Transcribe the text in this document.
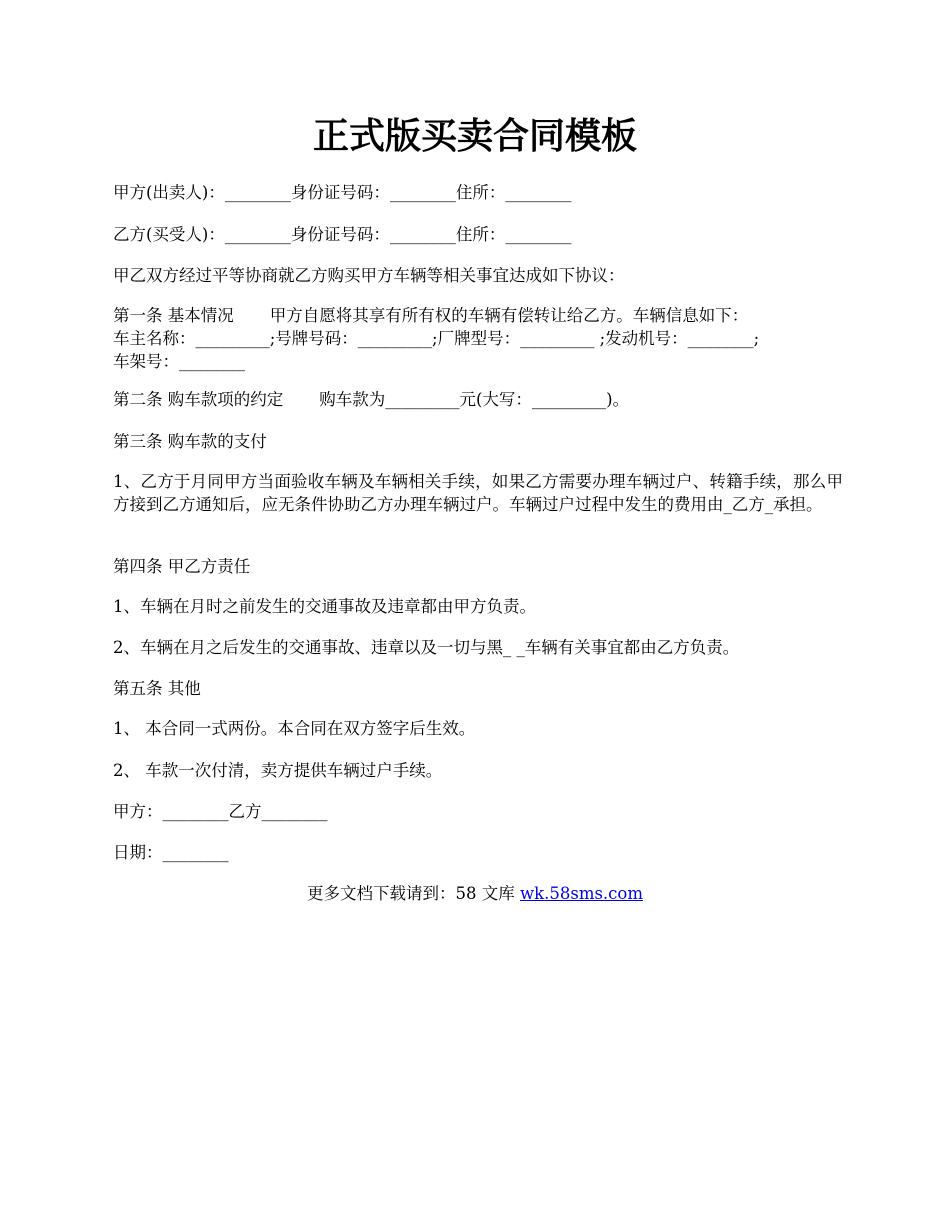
正式版买卖合同模板

甲方(出卖人)：________身份证号码：________住所：________

乙方(买受人)：________身份证号码：________住所：________

甲乙双方经过平等协商就乙方购买甲方车辆等相关事宜达成如下协议：

第一条 基本情况 甲方自愿将其享有所有权的车辆有偿转让给乙方。车辆信息如下：
车主名称：_________;号牌号码：_________;厂牌型号：_________ ;发动机号：________;
车架号：________
第二条 购车款项的约定 购车款为_________元(大写：_________)。

第三条 购车款的支付

1、乙方于月同甲方当面验收车辆及车辆相关手续，如果乙方需要办理车辆过户、转籍手续，那么甲方接到乙方通知后，应无条件协助乙方办理车辆过户。车辆过户过程中发生的费用由_乙方_承担。

第四条 甲乙方责任

1、车辆在月时之前发生的交通事故及违章都由甲方负责。

2、车辆在月之后发生的交通事故、违章以及一切与黑_ _车辆有关事宜都由乙方负责。

第五条 其他

1、 本合同一式两份。本合同在双方签字后生效。

2、 车款一次付清，卖方提供车辆过户手续。

甲方：________乙方________

日期：________

更多文档下载请到：58 文库 wk.58sms.com
